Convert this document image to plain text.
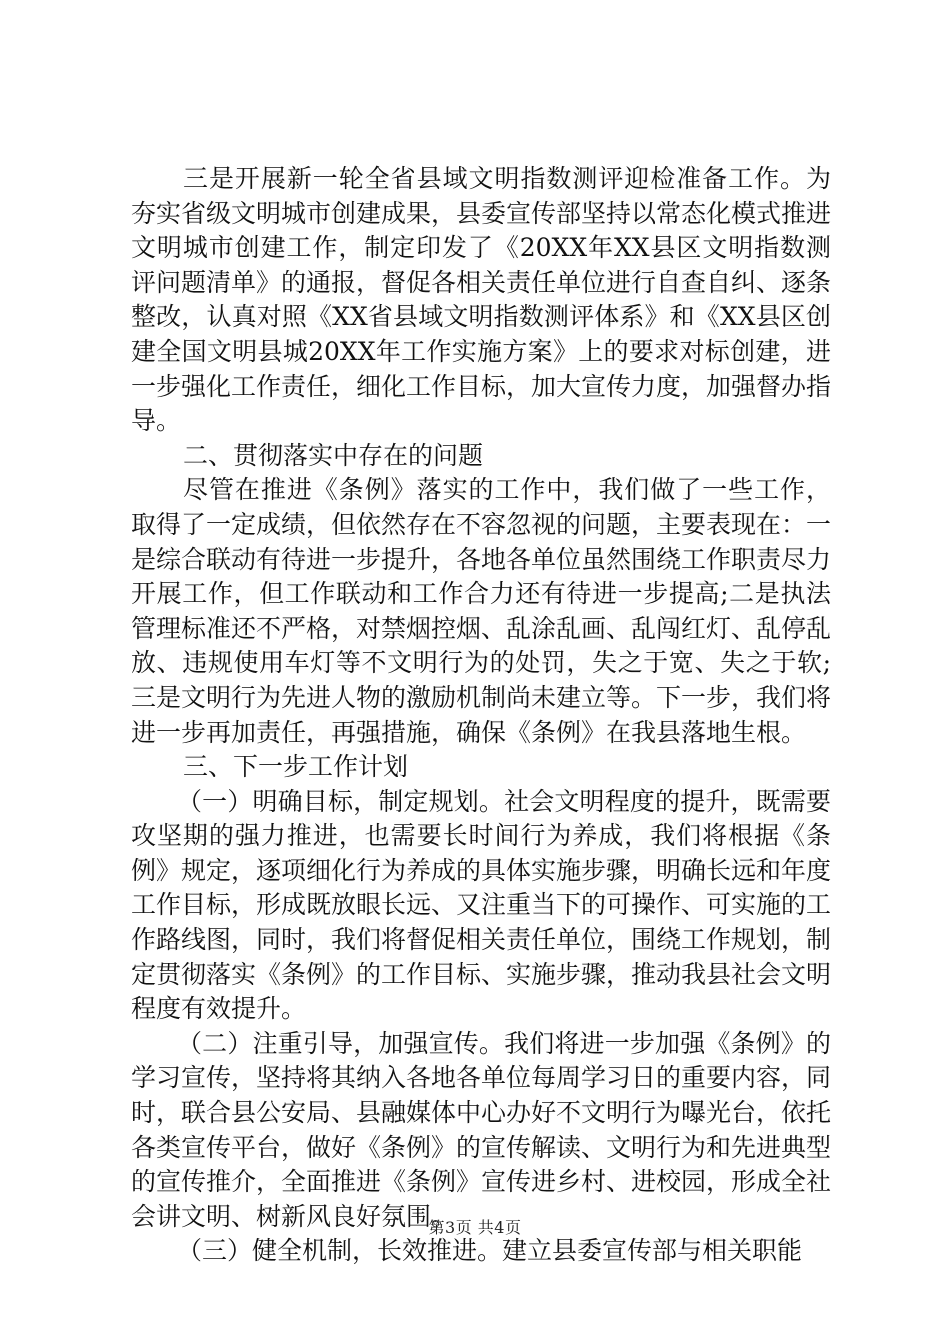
三是开展新一轮全省县域文明指数测评迎检准备工作。为夯实省级文明城市创建成果，县委宣传部坚持以常态化模式推进文明城市创建工作，制定印发了《20XX年XX县区文明指数测评问题清单》的通报，督促各相关责任单位进行自查自纠、逐条整改，认真对照《XX省县域文明指数测评体系》和《XX县区创建全国文明县城20XX年工作实施方案》上的要求对标创建，进一步强化工作责任，细化工作目标，加大宣传力度，加强督办指导。

二、贯彻落实中存在的问题

尽管在推进《条例》落实的工作中，我们做了一些工作，取得了一定成绩，但依然存在不容忽视的问题，主要表现在：一是综合联动有待进一步提升，各地各单位虽然围绕工作职责尽力开展工作，但工作联动和工作合力还有待进一步提高;二是执法管理标准还不严格，对禁烟控烟、乱涂乱画、乱闯红灯、乱停乱放、违规使用车灯等不文明行为的处罚，失之于宽、失之于软;三是文明行为先进人物的激励机制尚未建立等。下一步，我们将进一步再加责任，再强措施，确保《条例》在我县落地生根。

三、下一步工作计划

（一）明确目标，制定规划。社会文明程度的提升，既需要攻坚期的强力推进，也需要长时间行为养成，我们将根据《条例》规定，逐项细化行为养成的具体实施步骤，明确长远和年度工作目标，形成既放眼长远、又注重当下的可操作、可实施的工作路线图，同时，我们将督促相关责任单位，围绕工作规划，制定贯彻落实《条例》的工作目标、实施步骤，推动我县社会文明程度有效提升。

（二）注重引导，加强宣传。我们将进一步加强《条例》的学习宣传，坚持将其纳入各地各单位每周学习日的重要内容，同时，联合县公安局、县融媒体中心办好不文明行为曝光台，依托各类宣传平台，做好《条例》的宣传解读、文明行为和先进典型的宣传推介，全面推进《条例》宣传进乡村、进校园，形成全社会讲文明、树新风良好氛围。

（三）健全机制，长效推进。建立县委宣传部与相关职能

第3页 共4页
